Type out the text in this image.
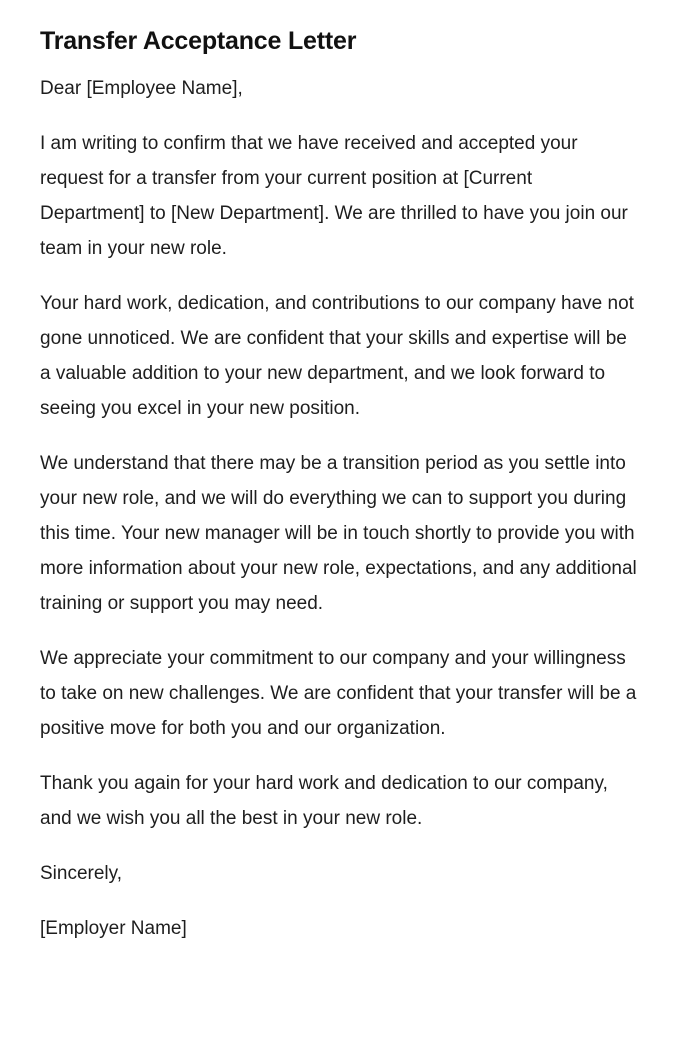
Transfer Acceptance Letter

Dear [Employee Name],

I am writing to confirm that we have received and accepted your request for a transfer from your current position at [Current Department] to [New Department]. We are thrilled to have you join our team in your new role.

Your hard work, dedication, and contributions to our company have not gone unnoticed. We are confident that your skills and expertise will be a valuable addition to your new department, and we look forward to seeing you excel in your new position.

We understand that there may be a transition period as you settle into your new role, and we will do everything we can to support you during this time. Your new manager will be in touch shortly to provide you with more information about your new role, expectations, and any additional training or support you may need.

We appreciate your commitment to our company and your willingness to take on new challenges. We are confident that your transfer will be a positive move for both you and our organization.

Thank you again for your hard work and dedication to our company, and we wish you all the best in your new role.

Sincerely,

[Employer Name]
